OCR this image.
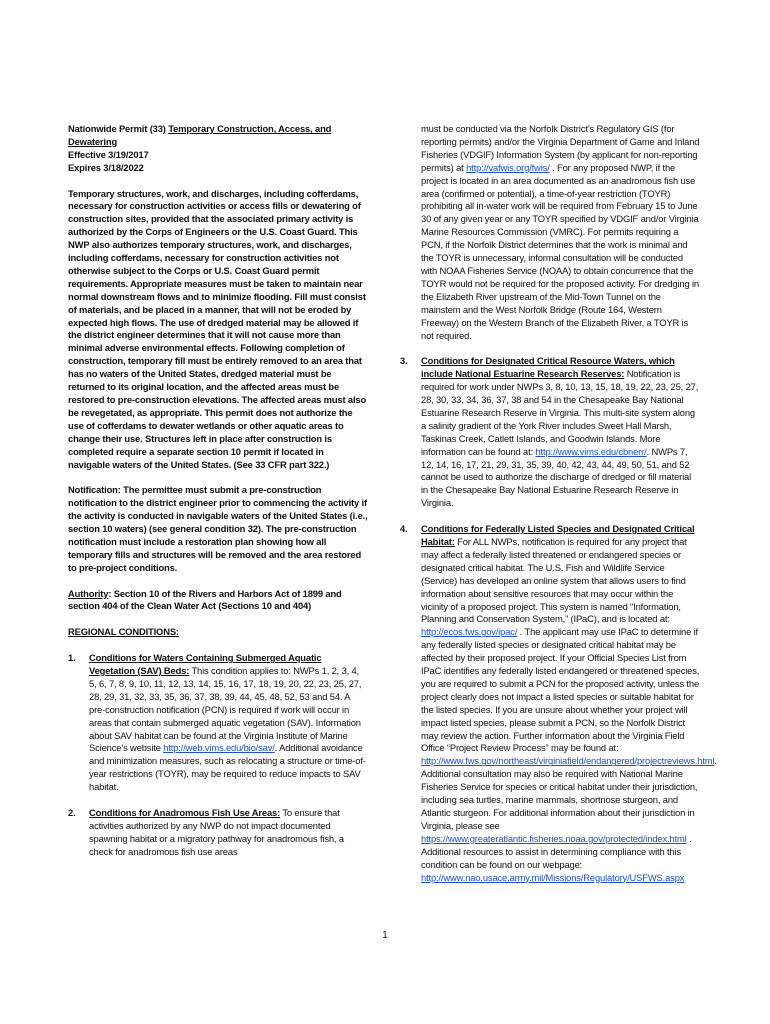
Nationwide Permit (33) Temporary Construction, Access, and Dewatering

Effective 3/19/2017

Expires 3/18/2022

Temporary structures, work, and discharges, including cofferdams, necessary for construction activities or access fills or dewatering of construction sites, provided that the associated primary activity is authorized by the Corps of Engineers or the U.S. Coast Guard. This NWP also authorizes temporary structures, work, and discharges, including cofferdams, necessary for construction activities not otherwise subject to the Corps or U.S. Coast Guard permit requirements. Appropriate measures must be taken to maintain near normal downstream flows and to minimize flooding. Fill must consist of materials, and be placed in a manner, that will not be eroded by expected high flows. The use of dredged material may be allowed if the district engineer determines that it will not cause more than minimal adverse environmental effects. Following completion of construction, temporary fill must be entirely removed to an area that has no waters of the United States, dredged material must be returned to its original location, and the affected areas must be restored to pre-construction elevations. The affected areas must also be revegetated, as appropriate. This permit does not authorize the use of cofferdams to dewater wetlands or other aquatic areas to change their use. Structures left in place after construction is completed require a separate section 10 permit if located in navigable waters of the United States. (See 33 CFR part 322.)

Notification: The permittee must submit a pre-construction notification to the district engineer prior to commencing the activity if the activity is conducted in navigable waters of the United States (i.e., section 10 waters) (see general condition 32). The pre-construction notification must include a restoration plan showing how all temporary fills and structures will be removed and the area restored to pre-project conditions.

Authority: Section 10 of the Rivers and Harbors Act of 1899 and section 404 of the Clean Water Act (Sections 10 and 404)

REGIONAL CONDITIONS:

1. Conditions for Waters Containing Submerged Aquatic Vegetation (SAV) Beds: This condition applies to: NWPs 1, 2, 3, 4, 5, 6, 7, 8, 9, 10, 11, 12, 13, 14, 15, 16, 17, 18, 19, 20, 22, 23, 25, 27, 28, 29, 31, 32, 33, 35, 36, 37, 38, 39, 44, 45, 48, 52, 53 and 54. A pre-construction notification (PCN) is required if work will occur in areas that contain submerged aquatic vegetation (SAV). Information about SAV habitat can be found at the Virginia Institute of Marine Science’s website http://web.vims.edu/bio/sav/. Additional avoidance and minimization measures, such as relocating a structure or time-of-year restrictions (TOYR), may be required to reduce impacts to SAV habitat.

2. Conditions for Anadromous Fish Use Areas: To ensure that activities authorized by any NWP do not impact documented spawning habitat or a migratory pathway for anadromous fish, a check for anadromous fish use areas

must be conducted via the Norfolk District’s Regulatory GIS (for reporting permits) and/or the Virginia Department of Game and Inland Fisheries (VDGIF) Information System (by applicant for non-reporting permits) at http://vafwis.org/fwis/ . For any proposed NWP, if the project is located in an area documented as an anadromous fish use area (confirmed or potential), a time-of-year restriction (TOYR) prohibiting all in-water work will be required from February 15 to June 30 of any given year or any TOYR specified by VDGIF and/or Virginia Marine Resources Commission (VMRC). For permits requiring a PCN, if the Norfolk District determines that the work is minimal and the TOYR is unnecessary, informal consultation will be conducted with NOAA Fisheries Service (NOAA) to obtain concurrence that the TOYR would not be required for the proposed activity. For dredging in the Elizabeth River upstream of the Mid-Town Tunnel on the mainstem and the West Norfolk Bridge (Route 164, Western Freeway) on the Western Branch of the Elizabeth River, a TOYR is not required.

3. Conditions for Designated Critical Resource Waters, which include National Estuarine Research Reserves: Notification is required for work under NWPs 3, 8, 10, 13, 15, 18, 19, 22, 23, 25, 27, 28, 30, 33, 34, 36, 37, 38 and 54 in the Chesapeake Bay National Estuarine Research Reserve in Virginia. This multi-site system along a salinity gradient of the York River includes Sweet Hall Marsh, Taskinas Creek, Catlett Islands, and Goodwin Islands. More information can be found at: http://www.vims.edu/cbnerr/. NWPs 7, 12, 14, 16, 17, 21, 29, 31, 35, 39, 40, 42, 43, 44, 49, 50, 51, and 52 cannot be used to authorize the discharge of dredged or fill material in the Chesapeake Bay National Estuarine Research Reserve in Virginia.

4. Conditions for Federally Listed Species and Designated Critical Habitat: For ALL NWPs, notification is required for any project that may affect a federally listed threatened or endangered species or designated critical habitat. The U.S. Fish and Wildlife Service (Service) has developed an online system that allows users to find information about sensitive resources that may occur within the vicinity of a proposed project. This system is named “Information, Planning and Conservation System,” (IPaC), and is located at: http://ecos.fws.gov/ipac/ . The applicant may use IPaC to determine if any federally listed species or designated critical habitat may be affected by their proposed project. If your Official Species List from IPaC identifies any federally listed endangered or threatened species, you are required to submit a PCN for the proposed activity, unless the project clearly does not impact a listed species or suitable habitat for the listed species. If you are unsure about whether your project will impact listed species, please submit a PCN, so the Norfolk District may review the action. Further information about the Virginia Field Office “Project Review Process” may be found at: http://www.fws.gov/northeast/virginiafield/endangered/projectreviews.html. Additional consultation may also be required with National Marine Fisheries Service for species or critical habitat under their jurisdiction, including sea turtles, marine mammals, shortnose sturgeon, and Atlantic sturgeon. For additional information about their jurisdiction in Virginia, please see https://www.greateratlantic.fisheries.noaa.gov/protected/index.html . Additional resources to assist in determining compliance with this condition can be found on our webpage: http://www.nao.usace.army.mil/Missions/Regulatory/USFWS.aspx

1
